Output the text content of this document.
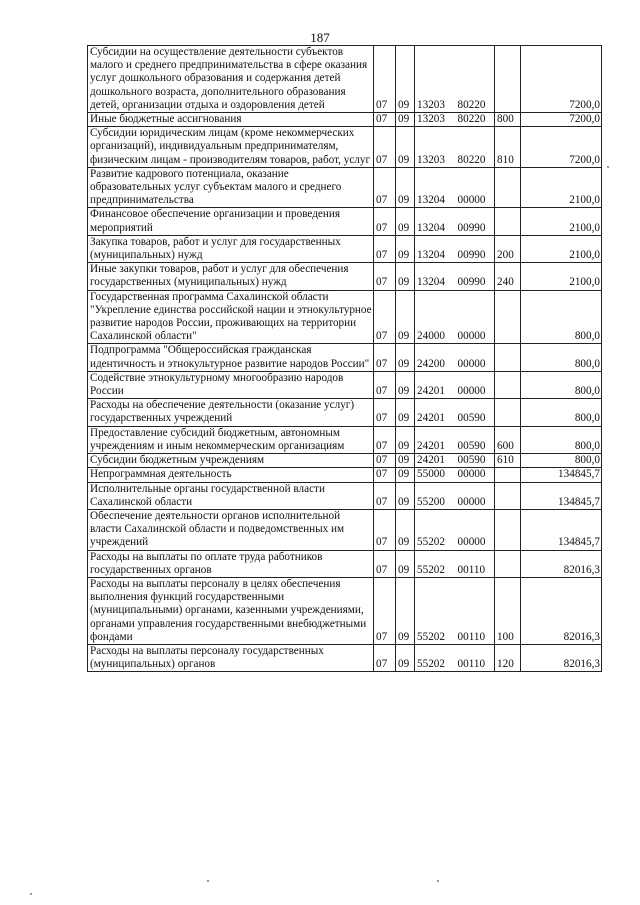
187
Субсидии на осуществление деятельности субъектов малого и среднего предпринимательства в сфере оказания услуг дошкольного образования и содержания детей дошкольного возраста, дополнительного образования детей, организации отдыха и оздоровления детей	07	09	13203	80220		7200,0
Иные бюджетные ассигнования	07	09	13203	80220	800	7200,0
Субсидии юридическим лицам (кроме некоммерческих организаций), индивидуальным предпринимателям, физическим лицам - производителям товаров, работ, услуг	07	09	13203	80220	810	7200,0
Развитие кадрового потенциала, оказание образовательных услуг субъектам малого и среднего предпринимательства	07	09	13204	00000		2100,0
Финансовое обеспечение организации и проведения мероприятий	07	09	13204	00990		2100,0
Закупка товаров, работ и услуг для государственных (муниципальных) нужд	07	09	13204	00990	200	2100,0
Иные закупки товаров, работ и услуг для обеспечения государственных (муниципальных) нужд	07	09	13204	00990	240	2100,0
Государственная программа Сахалинской области "Укрепление единства российской нации и этнокультурное развитие народов России, проживающих на территории Сахалинской области"	07	09	24000	00000		800,0
Подпрограмма "Общероссийская гражданская идентичность и этнокультурное развитие народов России"	07	09	24200	00000		800,0
Содействие этнокультурному многообразию народов России	07	09	24201	00000		800,0
Расходы на обеспечение деятельности (оказание услуг) государственных учреждений	07	09	24201	00590		800,0
Предоставление субсидий бюджетным, автономным учреждениям и иным некоммерческим организациям	07	09	24201	00590	600	800,0
Субсидии бюджетным учреждениям	07	09	24201	00590	610	800,0
Непрограммная деятельность	07	09	55000	00000		134845,7
Исполнительные органы государственной власти Сахалинской области	07	09	55200	00000		134845,7
Обеспечение деятельности органов исполнительной власти Сахалинской области и подведомственных им учреждений	07	09	55202	00000		134845,7
Расходы на выплаты по оплате труда работников государственных органов	07	09	55202	00110		82016,3
Расходы на выплаты персоналу в целях обеспечения выполнения функций государственными (муниципальными) органами, казенными учреждениями, органами управления государственными внебюджетными фондами	07	09	55202	00110	100	82016,3
Расходы на выплаты персоналу государственных (муниципальных) органов	07	09	55202	00110	120	82016,3
